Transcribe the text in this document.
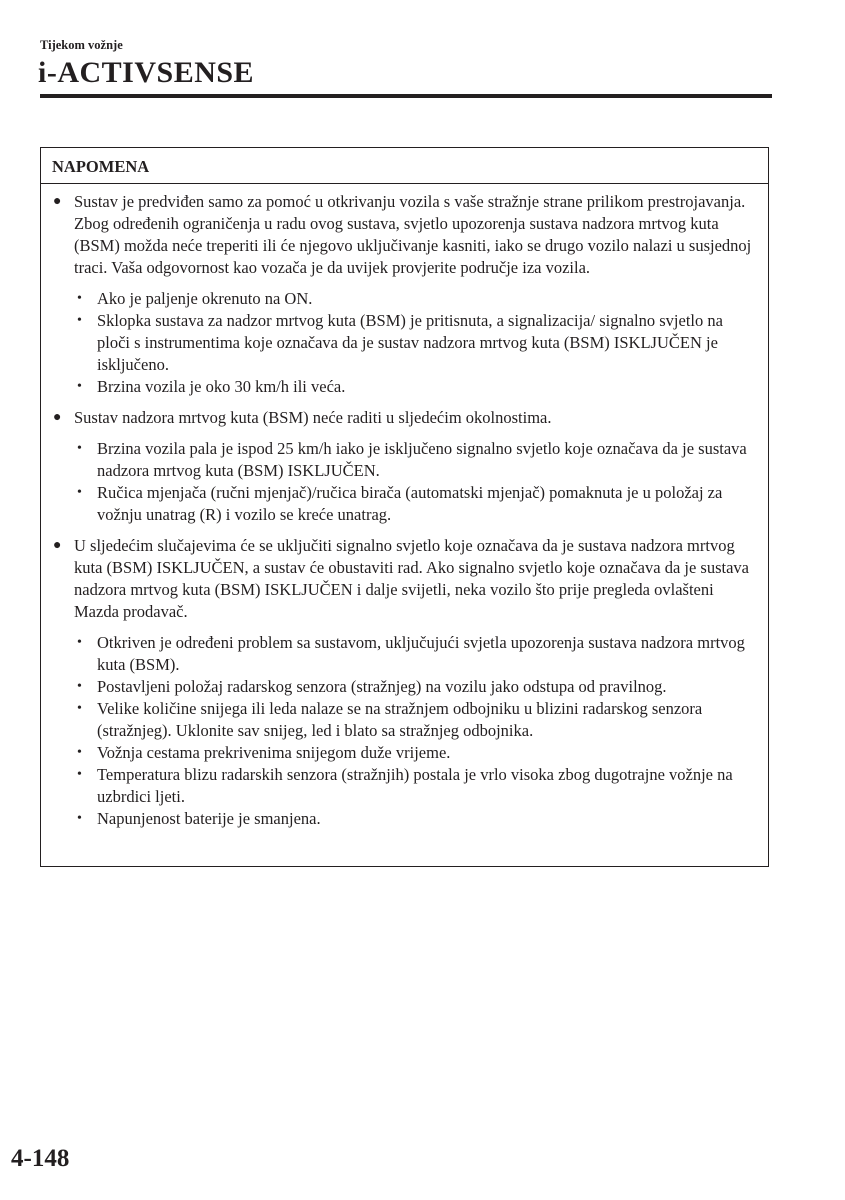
Tijekom vožnje
i-ACTIVSENSE
NAPOMENA
● Sustav je predviđen samo za pomoć u otkrivanju vozila s vaše stražnje strane prilikom prestrojavanja. Zbog određenih ograničenja u radu ovog sustava, svjetlo upozorenja sustava nadzora mrtvog kuta (BSM) možda neće treperiti ili će njegovo uključivanje kasniti, iako se drugo vozilo nalazi u susjednoj traci. Vaša odgovornost kao vozača je da uvijek provjerite područje iza vozila.
• Ako je paljenje okrenuto na ON.
• Sklopka sustava za nadzor mrtvog kuta (BSM) je pritisnuta, a signalizacija/ signalno svjetlo na ploči s instrumentima koje označava da je sustav nadzora mrtvog kuta (BSM) ISKLJUČEN je isključeno.
• Brzina vozila je oko 30 km/h ili veća.
● Sustav nadzora mrtvog kuta (BSM) neće raditi u sljedećim okolnostima.
• Brzina vozila pala je ispod 25 km/h iako je isključeno signalno svjetlo koje označava da je sustava nadzora mrtvog kuta (BSM) ISKLJUČEN.
• Ručica mjenjača (ručni mjenjač)/ručica birača (automatski mjenjač) pomaknuta je u položaj za vožnju unatrag (R) i vozilo se kreće unatrag.
● U sljedećim slučajevima će se uključiti signalno svjetlo koje označava da je sustava nadzora mrtvog kuta (BSM) ISKLJUČEN, a sustav će obustaviti rad. Ako signalno svjetlo koje označava da je sustava nadzora mrtvog kuta (BSM) ISKLJUČEN i dalje svijetli, neka vozilo što prije pregleda ovlašteni Mazda prodavač.
• Otkriven je određeni problem sa sustavom, uključujući svjetla upozorenja sustava nadzora mrtvog kuta (BSM).
• Postavljeni položaj radarskog senzora (stražnjeg) na vozilu jako odstupa od pravilnog.
• Velike količine snijega ili leda nalaze se na stražnjem odbojniku u blizini radarskog senzora (stražnjeg). Uklonite sav snijeg, led i blato sa stražnjeg odbojnika.
• Vožnja cestama prekrivenima snijegom duže vrijeme.
• Temperatura blizu radarskih senzora (stražnjih) postala je vrlo visoka zbog dugotrajne vožnje na uzbrdici ljeti.
• Napunjenost baterije je smanjena.
4-148
